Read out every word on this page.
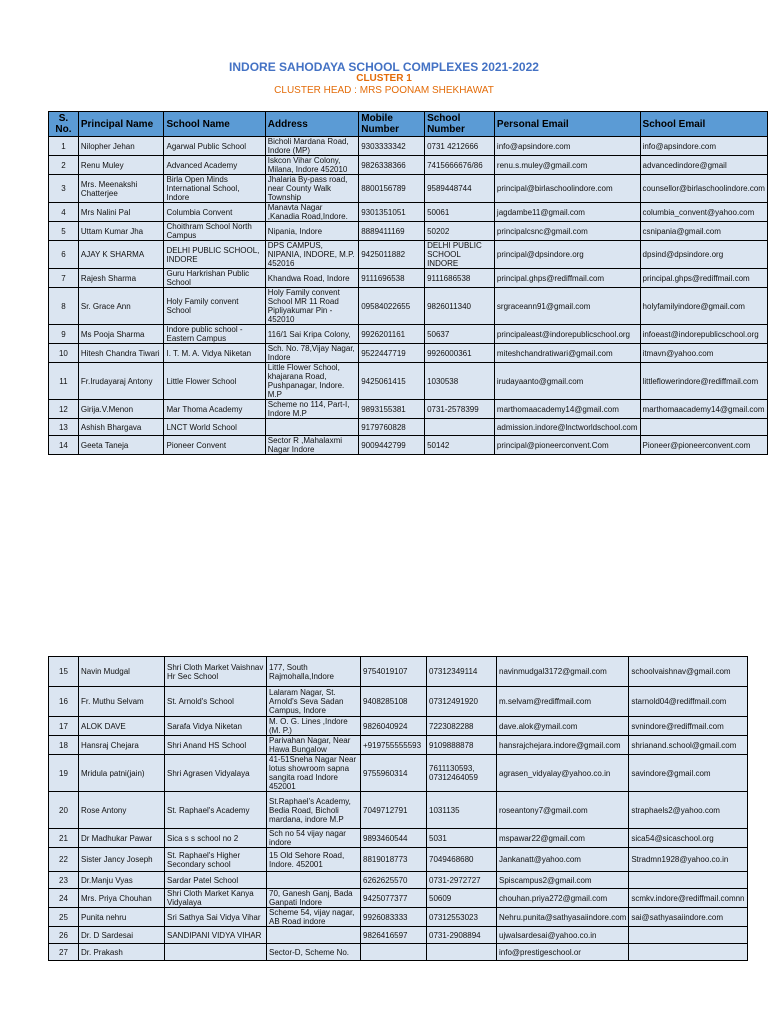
INDORE SAHODAYA SCHOOL COMPLEXES 2021-2022
CLUSTER 1
CLUSTER HEAD : MRS POONAM SHEKHAWAT
S. No.	Principal Name	School Name	Address	Mobile Number	School Number	Personal Email	School Email
1	Nilopher Jehan	Agarwal Public School	Bicholi Mardana Road, Indore (MP)	9303333342	0731 4212666	info@apsindore.com	info@apsindore.com
2	Renu Muley	Advanced Academy	Iskcon Vihar Colony, Milana, Indore 452010	9826338366	7415666676/86	renu.s.muley@gmail.com	advancedindore@gmail
3	Mrs. Meenakshi Chatterjee	Birla Open Minds International School, Indore	Jhalaria By-pass road, near County Walk Township	8800156789	9589448744	principal@birlaschoolindore.com	counsellor@birlaschoolindore.com
4	Mrs Nalini Pal	Columbia Convent	Manavta Nagar ,Kanadia Road,Indore.	9301351051	50061	jagdambe11@gmail.com	columbia_convent@yahoo.com
5	Uttam Kumar Jha	Choithram School North Campus	Nipania, Indore	8889411169	50202	principalcsnc@gmail.com	csnipania@gmail.com
6	AJAY K SHARMA	DELHI PUBLIC SCHOOL, INDORE	DPS CAMPUS, NIPANIA, INDORE, M.P. 452016	9425011882	DELHI PUBLIC SCHOOL INDORE	principal@dpsindore.org	dpsind@dpsindore.org
7	Rajesh Sharma	Guru Harkrishan Public School	Khandwa Road, Indore	9111696538	9111686538	principal.ghps@rediffmail.com	principal.ghps@rediffmail.com
8	Sr. Grace Ann	Holy Family convent School	Holy Family convent School MR 11 Road Pipliyakumar Pin - 452010	09584022655	9826011340	srgraceann91@gmail.com	holyfamilyindore@gmail.com
9	Ms Pooja Sharma	Indore public school - Eastern Campus	116/1 Sai Kripa Colony,	9926201161	50637	principaleast@indorepublicschool.org	infoeast@indorepublicschool.org
10	Hitesh Chandra Tiwari	I. T. M. A. Vidya Niketan	Sch. No. 78,Vijay Nagar, Indore	9522447719	9926000361	miteshchandratiwari@gmail.com	itmavn@yahoo.com
11	Fr.Irudayaraj Antony	Little Flower School	Little Flower School, khajarana Road, Pushpanagar, Indore. M.P	9425061415	1030538	irudayaanto@gmail.com	littleflowerindore@rediffmail.com
12	Girija.V.Menon	Mar Thoma Academy	Scheme no 114, Part-I, Indore M.P	9893155381	0731-2578399	marthomaacademy14@gmail.com	marthomaacademy14@gmail.com
13	Ashish Bhargava	LNCT World School		9179760828		admission.indore@lnctworldschool.com	
14	Geeta Taneja	Pioneer Convent	Sector R ,Mahalaxmi Nagar Indore	9009442799	50142	principal@pioneerconvent.Com	Pioneer@pioneerconvent.com
15	Navin Mudgal	Shri Cloth Market Vaishnav Hr Sec School	177, South Rajmohalla,Indore	9754019107	07312349114	navinmudgal3172@gmail.com	schoolvaishnav@gmail.com
16	Fr. Muthu Selvam	St. Arnold's School	Lalaram Nagar, St. Arnold's Seva Sadan Campus, Indore	9408285108	07312491920	m.selvam@rediffmail.com	starnold04@rediffmail.com
17	ALOK DAVE	Sarafa Vidya Niketan	M. O. G. Lines ,Indore (M. P.)	9826040924	7223082288	dave.alok@ymail.com	svnindore@rediffmail.com
18	Hansraj Chejara	Shri Anand HS School	Parivahan Nagar, Near Hawa Bungalow	+919755555593	9109888878	hansrajchejara.indore@gmail.com	shrianand.school@gmail.com
19	Mridula patni(jain)	Shri Agrasen Vidyalaya	41-51Sneha Nagar Near lotus showroom sapna sangita road Indore 452001	9755960314	7611130593, 07312464059	agrasen_vidyalay@yahoo.co.in	savindore@gmail.com
20	Rose Antony	St. Raphael's Academy	St.Raphael's Academy, Bedia Road, Bicholi mardana, indore M.P	7049712791	1031135	roseantony7@gmail.com	straphaels2@yahoo.com
21	Dr Madhukar Pawar	Sica s s school no 2	Sch no 54 vijay nagar indore	9893460544	5031	mspawar22@gmail.com	sica54@sicaschool.org
22	Sister Jancy Joseph	St. Raphael's Higher Secondary school	15 Old Sehore Road, Indore. 452001	8819018773	7049468680	Jankanatt@yahoo.com	Stradmn1928@yahoo.co.in
23	Dr.Manju Vyas	Sardar Patel School		6262625570	0731-2972727	Spiscampus2@gmail.com	
24	Mrs. Priya Chouhan	Shri Cloth Market Kanya Vidyalaya	70, Ganesh Ganj, Bada Ganpati Indore	9425077377	50609	chouhan.priya272@gmail.com	scmkv.indore@rediffmail.comnn
25	Punita nehru	Sri Sathya Sai Vidya Vihar	Scheme 54, vijay nagar, AB Road indore	9926083333	07312553023	Nehru.punita@sathyasaiindore.com	sai@sathyasaiindore.com
26	Dr. D Sardesai	SANDIPANI VIDYA VIHAR		9826416597	0731-2908894	ujwalsardesai@yahoo.co.in	
27	Dr. Prakash		Sector-D, Scheme No.			info@prestigeschool.or	
